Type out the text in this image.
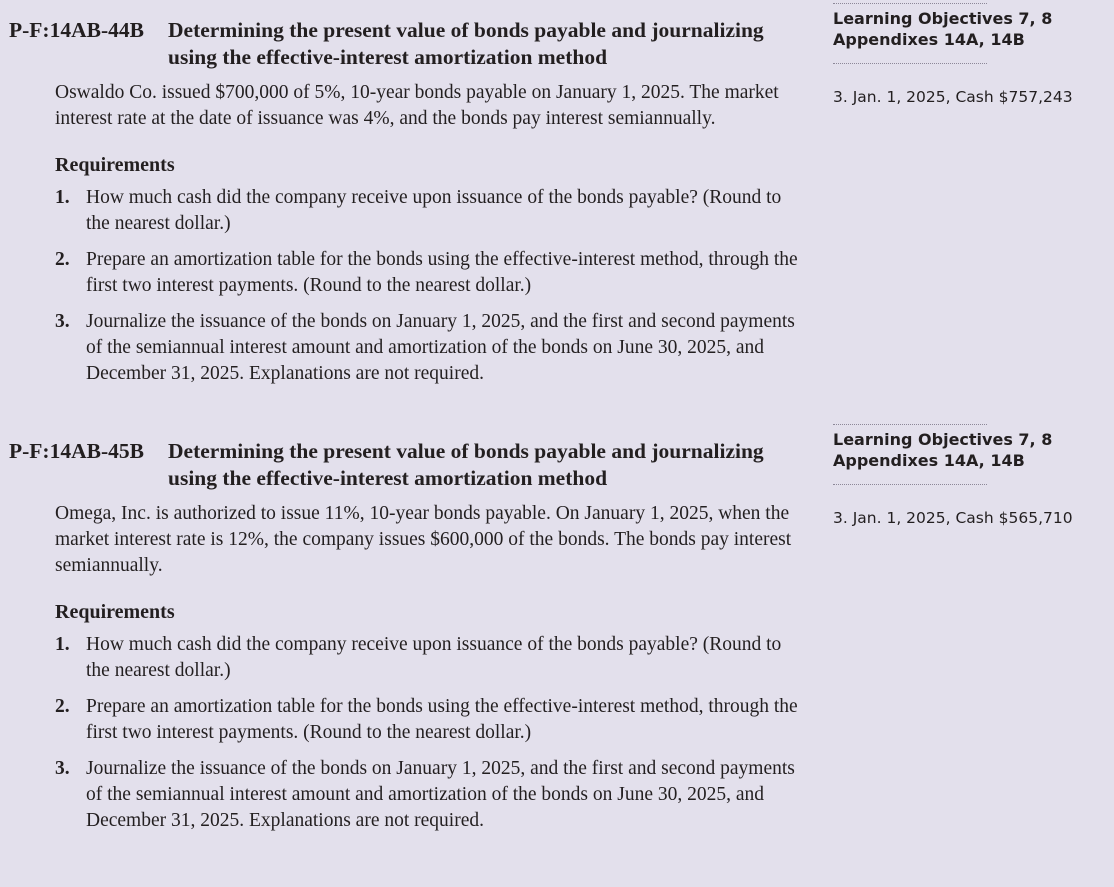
P-F:14AB-44B Determining the present value of bonds payable and journalizing using the effective-interest amortization method

Oswaldo Co. issued $700,000 of 5%, 10-year bonds payable on January 1, 2025. The market interest rate at the date of issuance was 4%, and the bonds pay interest semiannually.

Requirements
1. How much cash did the company receive upon issuance of the bonds payable? (Round to the nearest dollar.)
2. Prepare an amortization table for the bonds using the effective-interest method, through the first two interest payments. (Round to the nearest dollar.)
3. Journalize the issuance of the bonds on January 1, 2025, and the first and second payments of the semiannual interest amount and amortization of the bonds on June 30, 2025, and December 31, 2025. Explanations are not required.

Learning Objectives 7, 8

Appendixes 14A, 14B

3. Jan. 1, 2025, Cash $757,243

P-F:14AB-45B Determining the present value of bonds payable and journalizing using the effective-interest amortization method

Omega, Inc. is authorized to issue 11%, 10-year bonds payable. On January 1, 2025, when the market interest rate is 12%, the company issues $600,000 of the bonds. The bonds pay interest semiannually.

Requirements
1. How much cash did the company receive upon issuance of the bonds payable? (Round to the nearest dollar.)
2. Prepare an amortization table for the bonds using the effective-interest method, through the first two interest payments. (Round to the nearest dollar.)
3. Journalize the issuance of the bonds on January 1, 2025, and the first and second payments of the semiannual interest amount and amortization of the bonds on June 30, 2025, and December 31, 2025. Explanations are not required.

Learning Objectives 7, 8

Appendixes 14A, 14B

3. Jan. 1, 2025, Cash $565,710
